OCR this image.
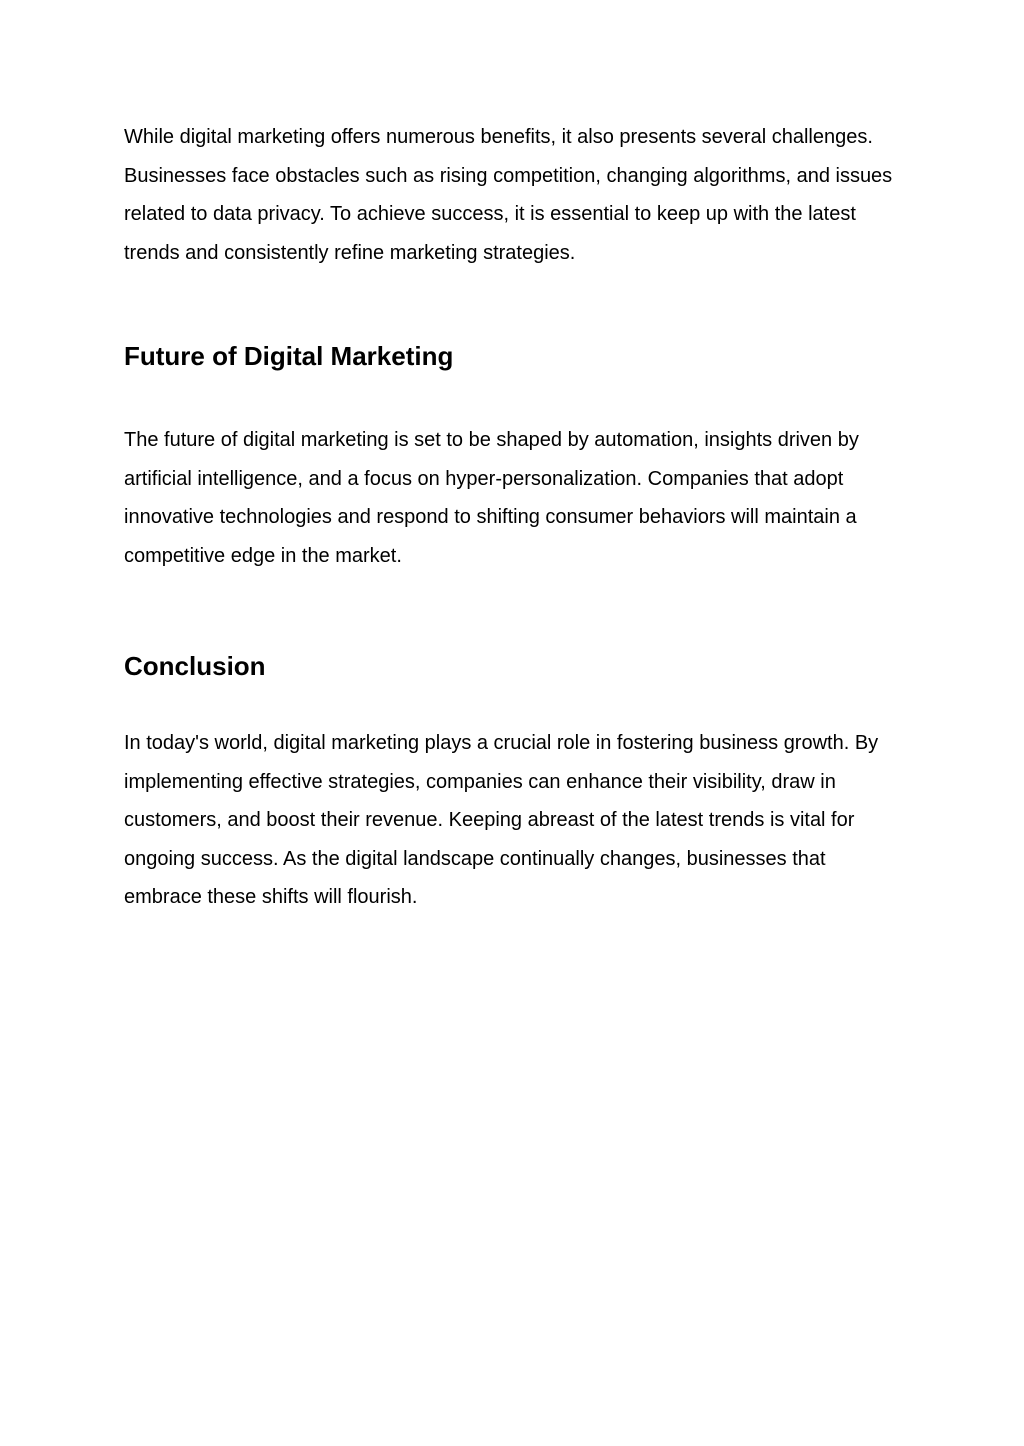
While digital marketing offers numerous benefits, it also presents several challenges. Businesses face obstacles such as rising competition, changing algorithms, and issues related to data privacy. To achieve success, it is essential to keep up with the latest trends and consistently refine marketing strategies.

Future of Digital Marketing

The future of digital marketing is set to be shaped by automation, insights driven by artificial intelligence, and a focus on hyper-personalization. Companies that adopt innovative technologies and respond to shifting consumer behaviors will maintain a competitive edge in the market.

Conclusion

In today's world, digital marketing plays a crucial role in fostering business growth. By implementing effective strategies, companies can enhance their visibility, draw in customers, and boost their revenue. Keeping abreast of the latest trends is vital for ongoing success. As the digital landscape continually changes, businesses that embrace these shifts will flourish.
